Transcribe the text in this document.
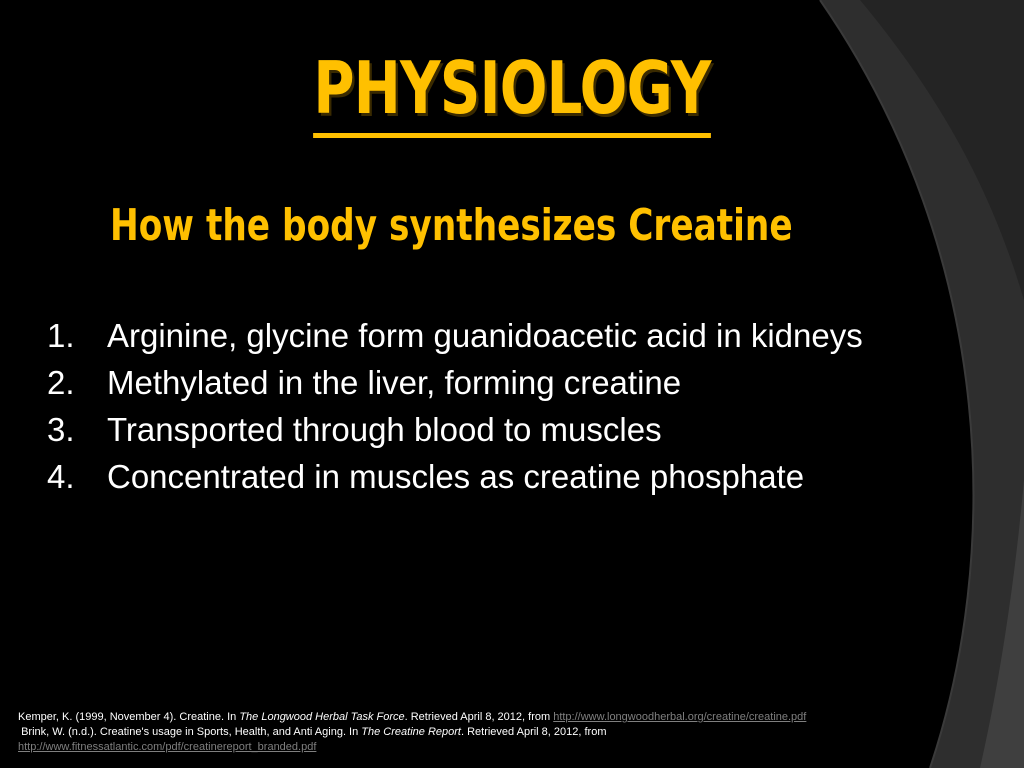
PHYSIOLOGY
How the body synthesizes Creatine
1. Arginine, glycine form guanidoacetic acid in kidneys
2. Methylated in the liver, forming creatine
3. Transported through blood to muscles
4. Concentrated in muscles as creatine phosphate
Kemper, K. (1999, November 4). Creatine. In The Longwood Herbal Task Force. Retrieved April 8, 2012, from http://www.longwoodherbal.org/creatine/creatine.pdf
Brink, W. (n.d.). Creatine's usage in Sports, Health, and Anti Aging. In The Creatine Report. Retrieved April 8, 2012, from
http://www.fitnessatlantic.com/pdf/creatinereport_branded.pdf
